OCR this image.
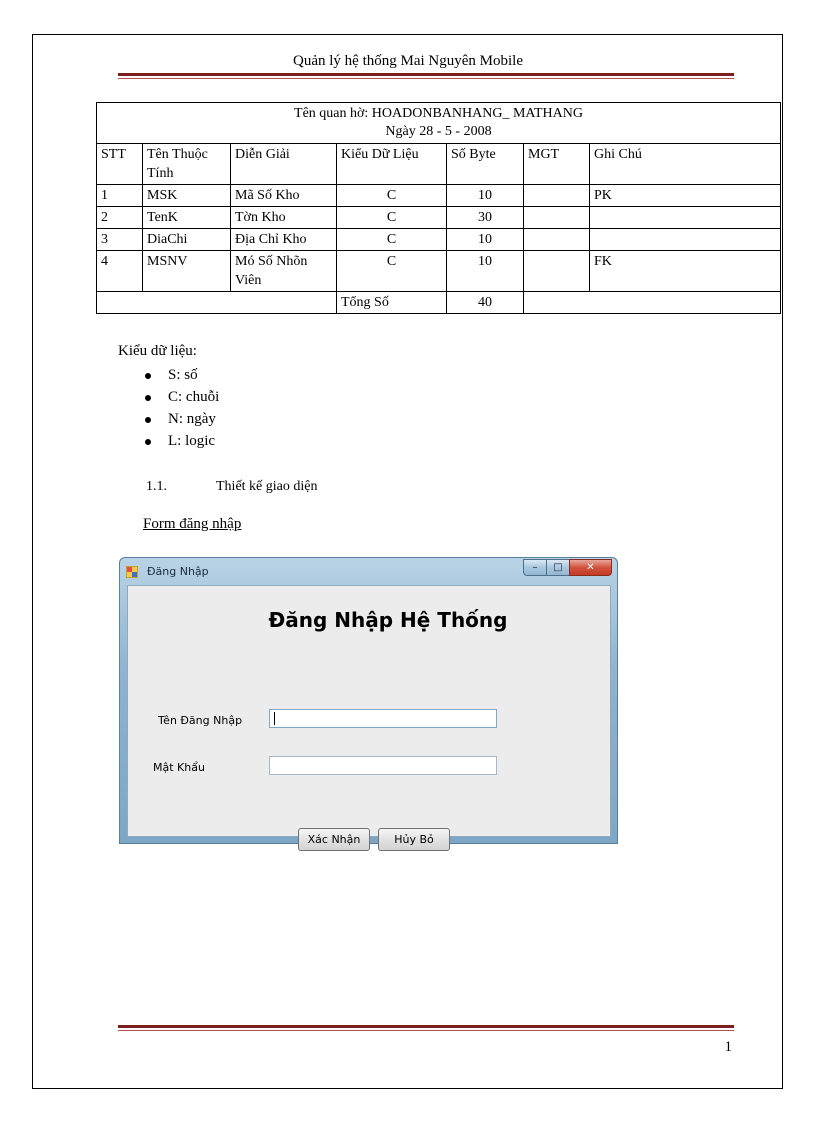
Quản lý hệ thống Mai Nguyên Mobile
Tên quan hờ: HOADONBANHANG_ MATHANG
Ngày 28 - 5 - 2008						

STT	Tên Thuộc Tính	Diễn Giải	Kiểu Dữ Liệu	Số Byte	MGT	Ghi Chú
1	MSK	Mã Số Kho	C	10		PK
2	TenK	Tờn Kho	C	30		
3	DiaChi	Địa Chỉ Kho	C	10		
4	MSNV	Mó Số Nhõn Viên	C	10		FK
			Tổng Số	40		
Kiểu dữ liệu:
S: số
C: chuỗi
N: ngày
L: logic
1.1.	Thiết kế giao diện
Form đăng nhập
Đăng Nhập	–	□	✕
Đăng Nhập Hệ Thống
Tên Đăng Nhập
Mật Khẩu
Xác Nhận	Hủy Bỏ
1
